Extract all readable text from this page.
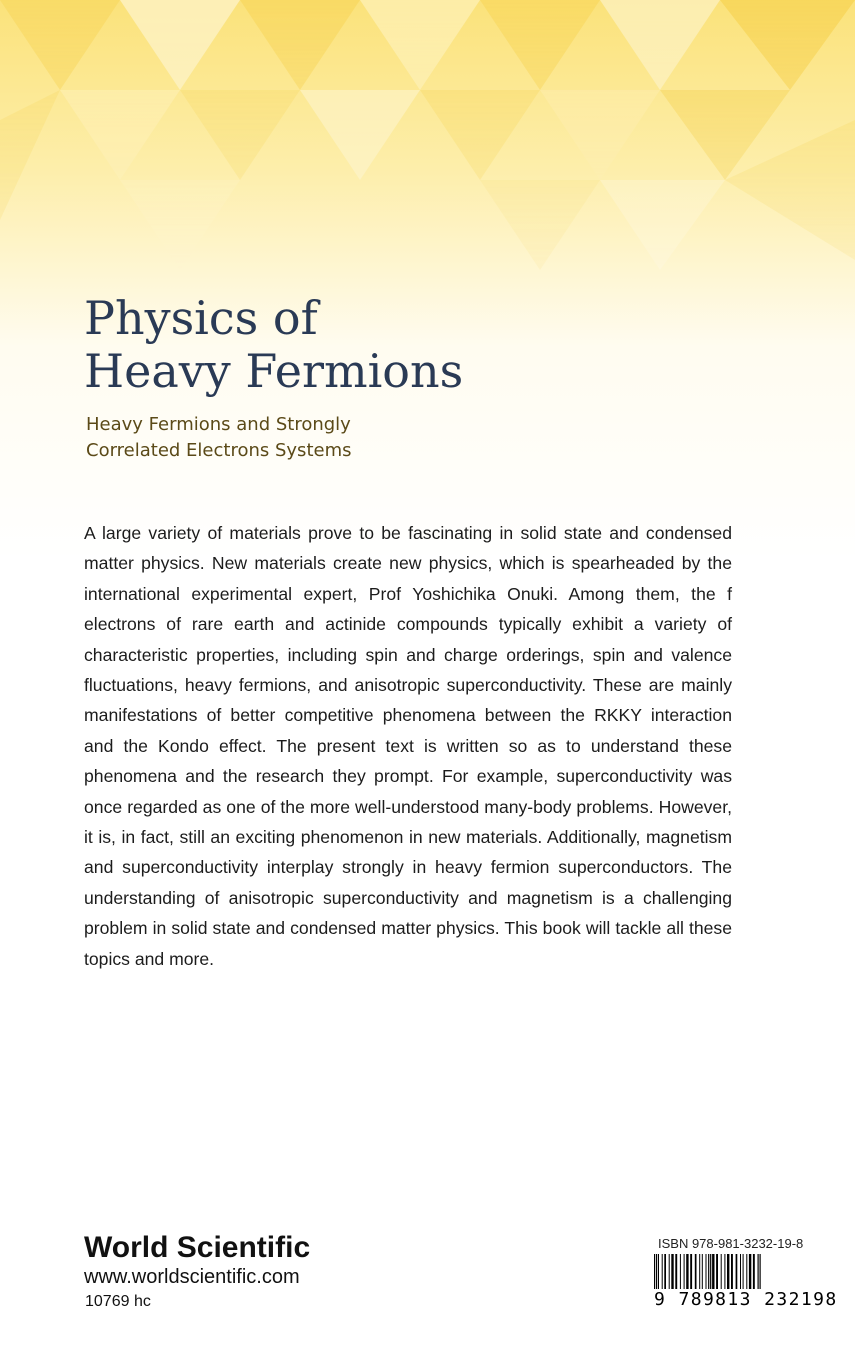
Physics of
Heavy Fermions
Heavy Fermions and Strongly
Correlated Electrons Systems

A large variety of materials prove to be fascinating in solid state and condensed matter physics. New materials create new physics, which is spearheaded by the international experimental expert, Prof Yoshichika Onuki. Among them, the f electrons of rare earth and actinide compounds typically exhibit a variety of characteristic properties, including spin and charge orderings, spin and valence fluctuations, heavy fermions, and anisotropic superconductivity. These are mainly manifestations of better competitive phenomena between the RKKY interaction and the Kondo effect. The present text is written so as to understand these phenomena and the research they prompt. For example, superconductivity was once regarded as one of the more well-understood many-body problems. However, it is, in fact, still an exciting phenomenon in new materials. Additionally, magnetism and superconductivity interplay strongly in heavy fermion superconductors. The understanding of anisotropic superconductivity and magnetism is a challenging problem in solid state and condensed matter physics. This book will tackle all these topics and more.

World Scientific
www.worldscientific.com
10769 hc
ISBN 978-981-3232-19-8
9 789813 232198
